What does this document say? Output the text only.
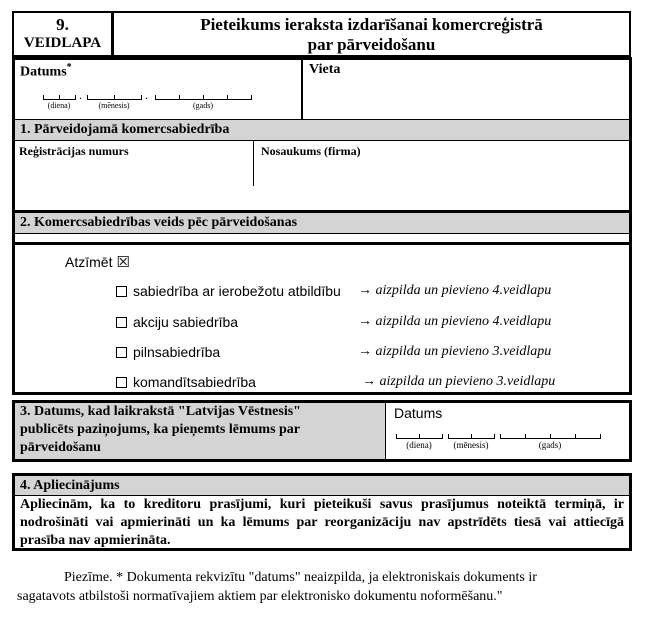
9.
VEIDLAPA
Pieteikums ieraksta izdarīšanai komercreģistrā
par pārveidošanu
Datums*	Vieta
.	.
(diena)	(mēnesis)	(gads)
1. Pārveidojamā komercsabiedrība
Reģistrācijas numurs	Nosaukums (firma)
2. Komercsabiedrības veids pēc pārveidošanas
Atzīmēt ☒
sabiedrība ar ierobežotu atbildību → aizpilda un pievieno 4.veidlapu
akciju sabiedrība	→ aizpilda un pievieno 4.veidlapu
pilnsabiedrība	→ aizpilda un pievieno 3.veidlapu
komandītsabiedrība	→ aizpilda un pievieno 3.veidlapu
3. Datums, kad laikrakstā "Latvijas Vēstnesis"
publicēts paziņojums, ka pieņemts lēmums par
pārveidošanu
Datums
(diena)	(mēnesis)	(gads)
4. Apliecinājums
Apliecinām, ka to kreditoru prasījumi, kuri pieteikuši savus prasījumus noteiktā termiņā, ir nodrošināti vai apmierināti un ka lēmums par reorganizāciju nav apstrīdēts tiesā vai attiecīgā prasība nav apmierināta.
Piezīme. * Dokumenta rekvizītu "datums" neaizpilda, ja elektroniskais dokuments ir
sagatavots atbilstoši normatīvajiem aktiem par elektronisko dokumentu noformēšanu."
